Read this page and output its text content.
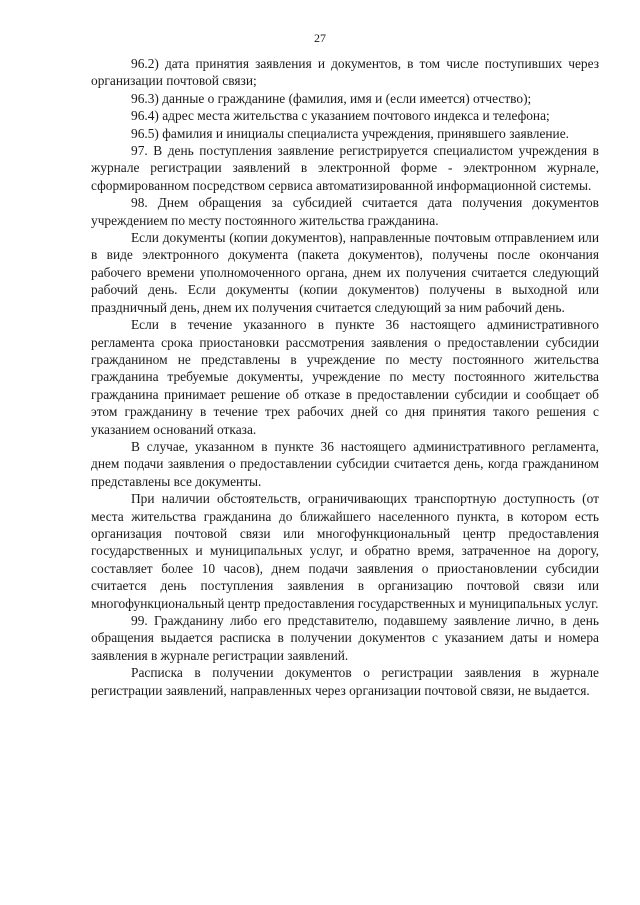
27

96.2) дата принятия заявления и документов, в том числе поступивших через организации почтовой связи;

96.3) данные о гражданине (фамилия, имя и (если имеется) отчество);

96.4) адрес места жительства с указанием почтового индекса и телефона;

96.5) фамилия и инициалы специалиста учреждения, принявшего заявление.

97. В день поступления заявление регистрируется специалистом учреждения в журнале регистрации заявлений в электронной форме - электронном журнале, сформированном посредством сервиса автоматизированной информационной системы.

98. Днем обращения за субсидией считается дата получения документов учреждением по месту постоянного жительства гражданина.

Если документы (копии документов), направленные почтовым отправлением или в виде электронного документа (пакета документов), получены после окончания рабочего времени уполномоченного органа, днем их получения считается следующий рабочий день. Если документы (копии документов) получены в выходной или праздничный день, днем их получения считается следующий за ним рабочий день.

Если в течение указанного в пункте 36 настоящего административного регламента срока приостановки рассмотрения заявления о предоставлении субсидии гражданином не представлены в учреждение по месту постоянного жительства гражданина требуемые документы, учреждение по месту постоянного жительства гражданина принимает решение об отказе в предоставлении субсидии и сообщает об этом гражданину в течение трех рабочих дней со дня принятия такого решения с указанием оснований отказа.

В случае, указанном в пункте 36 настоящего административного регламента, днем подачи заявления о предоставлении субсидии считается день, когда гражданином представлены все документы.

При наличии обстоятельств, ограничивающих транспортную доступность (от места жительства гражданина до ближайшего населенного пункта, в котором есть организация почтовой связи или многофункциональный центр предоставления государственных и муниципальных услуг, и обратно время, затраченное на дорогу, составляет более 10 часов), днем подачи заявления о приостановлении субсидии считается день поступления заявления в организацию почтовой связи или многофункциональный центр предоставления государственных и муниципальных услуг.

99. Гражданину либо его представителю, подавшему заявление лично, в день обращения выдается расписка в получении документов с указанием даты и номера заявления в журнале регистрации заявлений.

Расписка в получении документов о регистрации заявления в журнале регистрации заявлений, направленных через организации почтовой связи, не выдается.
